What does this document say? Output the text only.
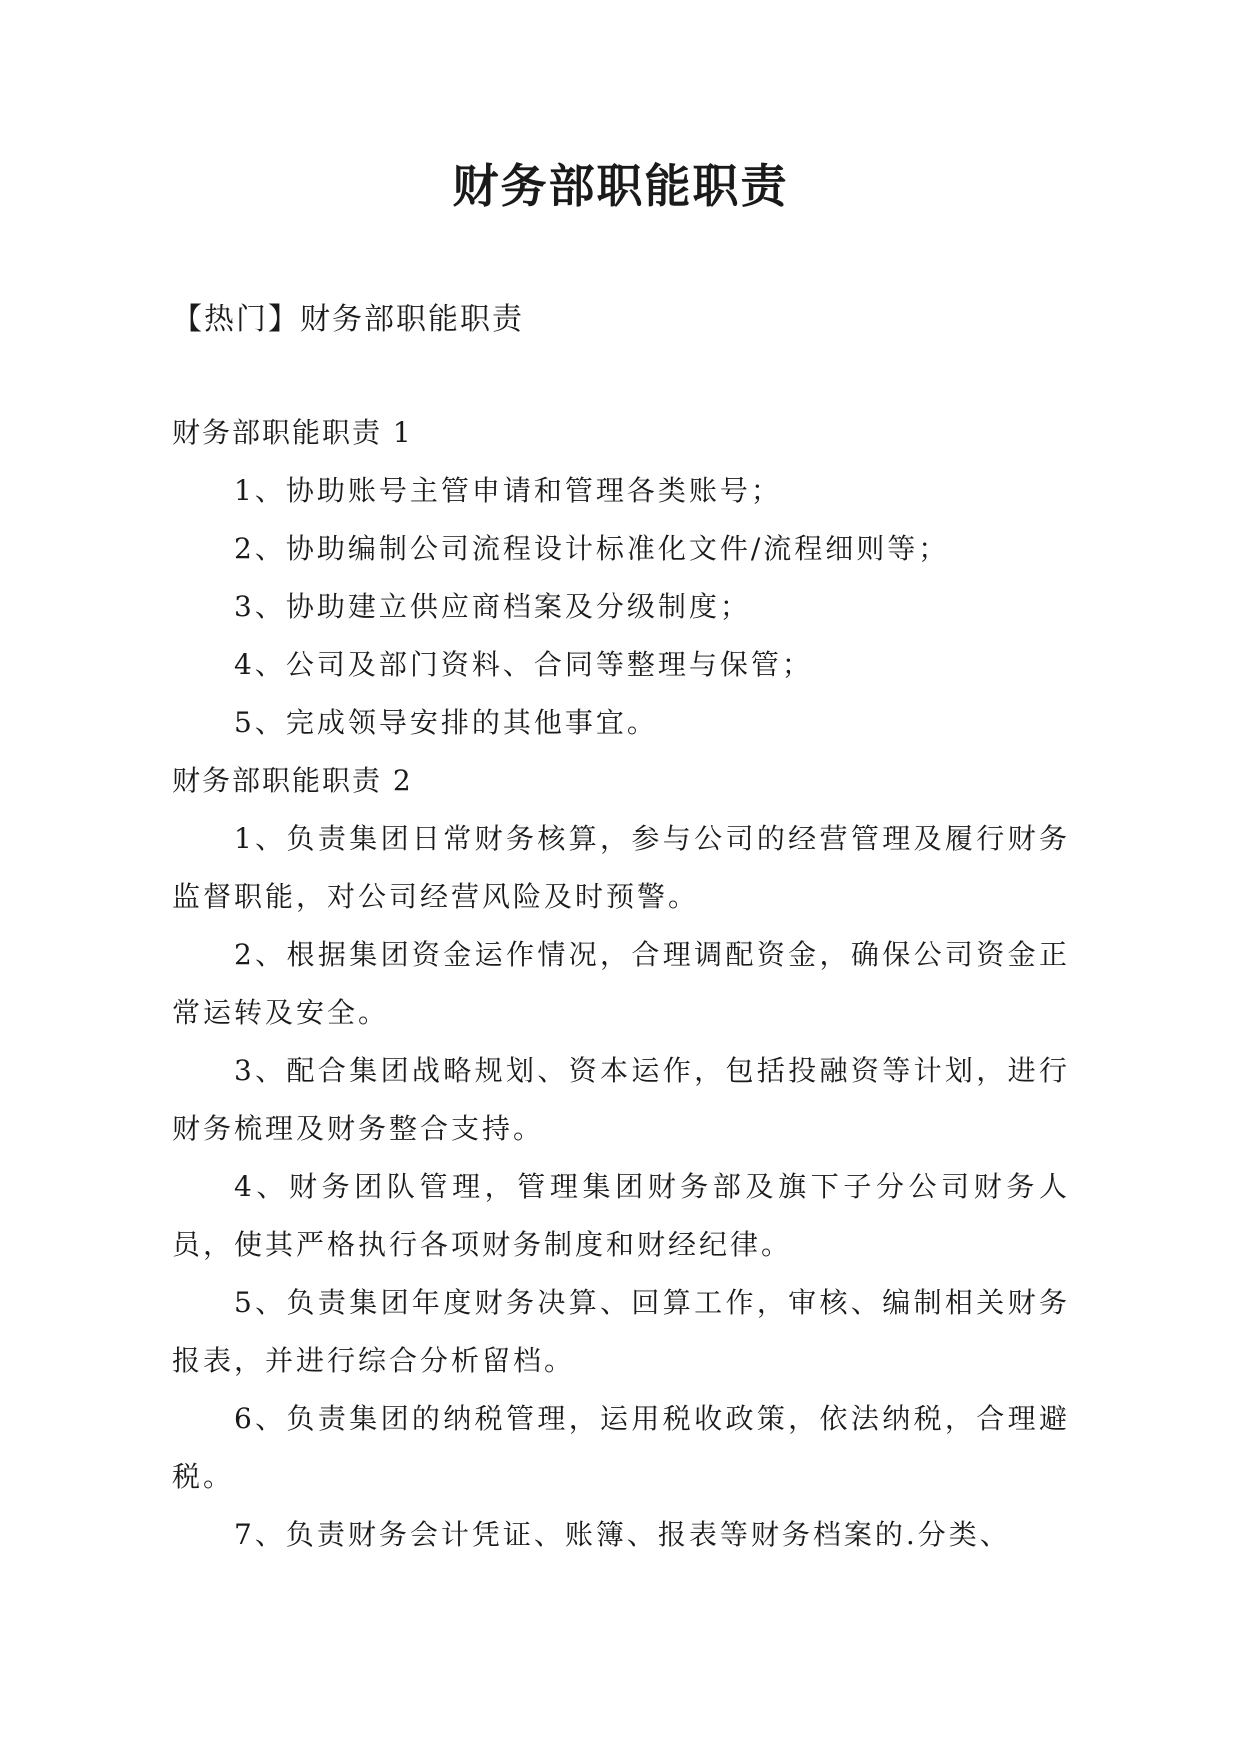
财务部职能职责

【热门】财务部职能职责

财务部职能职责 1

1、协助账号主管申请和管理各类账号；

2、协助编制公司流程设计标准化文件/流程细则等；

3、协助建立供应商档案及分级制度；

4、公司及部门资料、合同等整理与保管；

5、完成领导安排的其他事宜。

财务部职能职责 2

1、负责集团日常财务核算，参与公司的经营管理及履行财务监督职能，对公司经营风险及时预警。

2、根据集团资金运作情况，合理调配资金，确保公司资金正常运转及安全。

3、配合集团战略规划、资本运作，包括投融资等计划，进行财务梳理及财务整合支持。

4、财务团队管理，管理集团财务部及旗下子分公司财务人员，使其严格执行各项财务制度和财经纪律。

5、负责集团年度财务决算、回算工作，审核、编制相关财务报表，并进行综合分析留档。

6、负责集团的纳税管理，运用税收政策，依法纳税，合理避税。

7、负责财务会计凭证、账簿、报表等财务档案的.分类、
